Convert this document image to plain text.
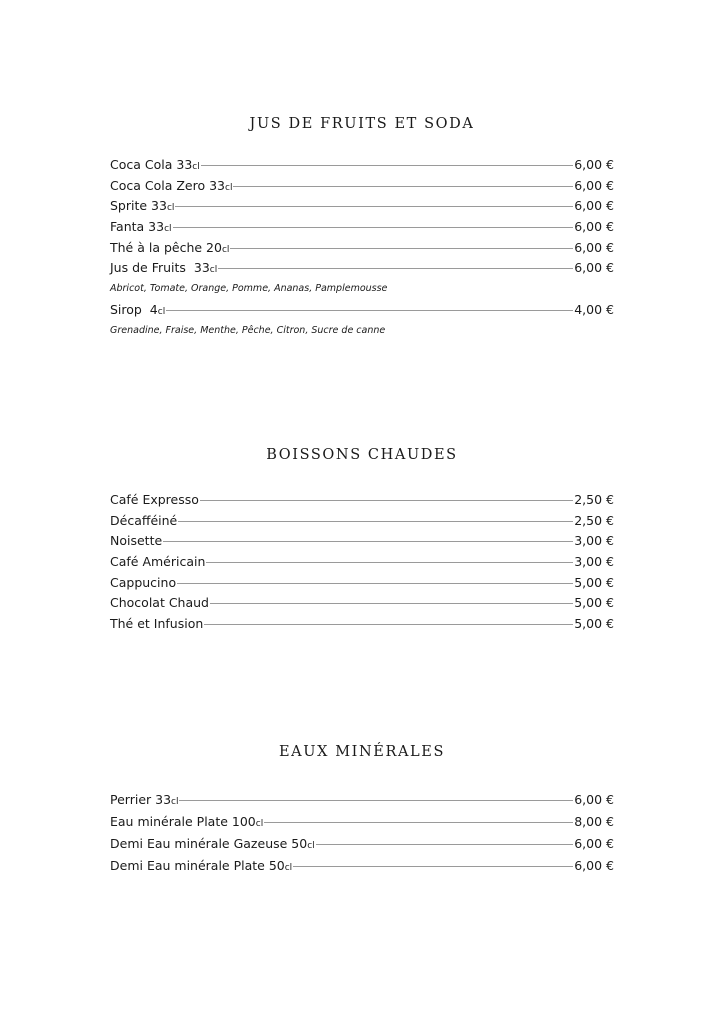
JUS DE FRUITS ET SODA
Coca Cola 33cl	6,00 €
Coca Cola Zero 33cl	6,00 €
Sprite 33cl	6,00 €
Fanta 33cl	6,00 €
Thé à la pêche 20cl	6,00 €
Jus de Fruits  33cl	6,00 €
Abricot, Tomate, Orange, Pomme, Ananas, Pamplemousse
Sirop  4cl	4,00 €
Grenadine, Fraise, Menthe, Pêche, Citron, Sucre de canne
BOISSONS CHAUDES
Café Expresso	2,50 €
Décafféiné	2,50 €
Noisette	3,00 €
Café Américain	3,00 €
Cappucino	5,00 €
Chocolat Chaud	5,00 €
Thé et Infusion	5,00 €
EAUX MINÉRALES
Perrier 33cl	6,00 €
Eau minérale Plate 100cl	8,00 €
Demi Eau minérale Gazeuse 50cl	6,00 €
Demi Eau minérale Plate 50cl	6,00 €
